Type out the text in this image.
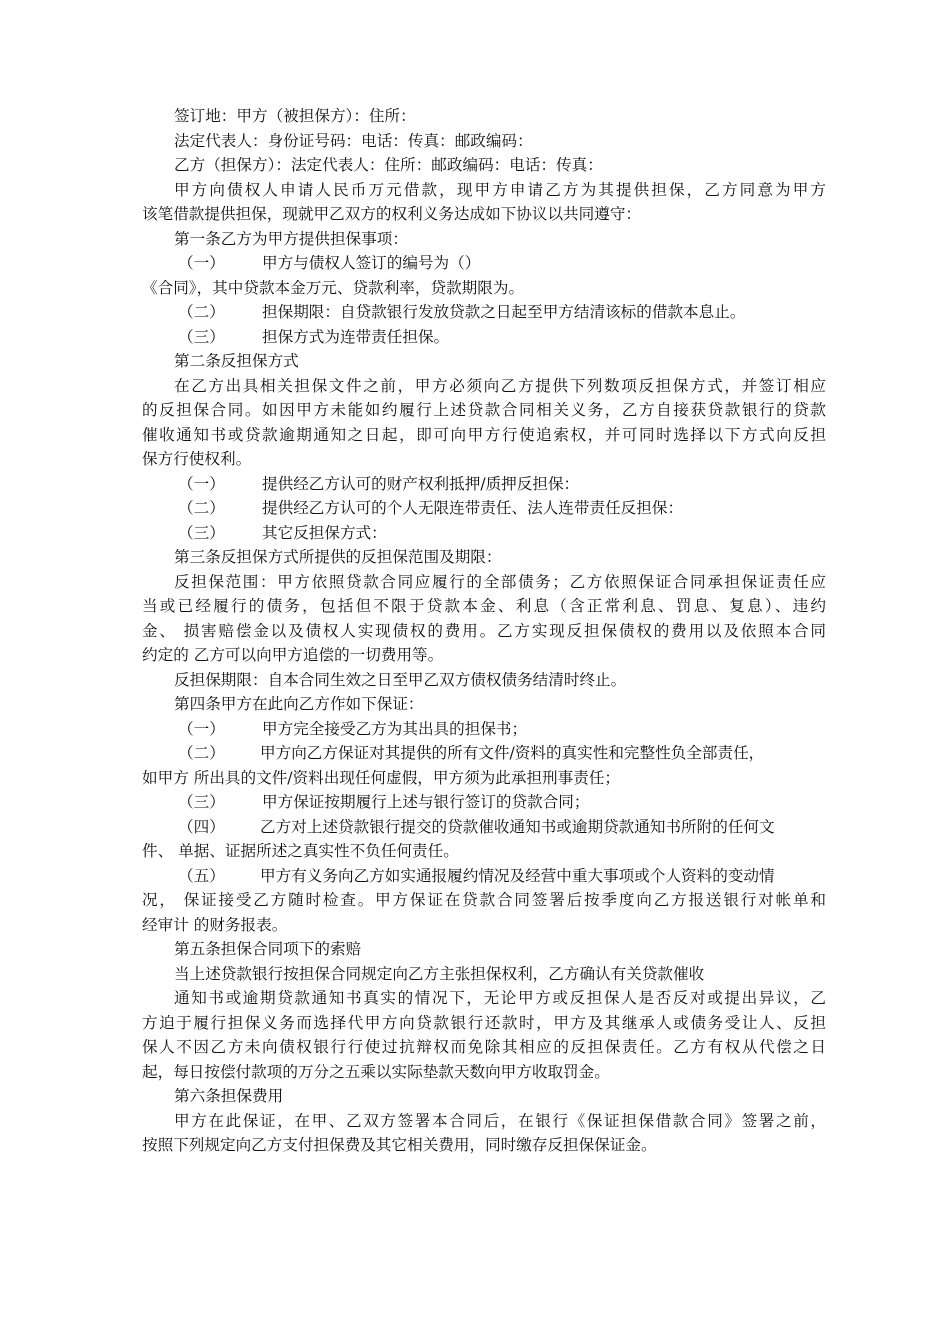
签订地：甲方（被担保方）：住所：
法定代表人：身份证号码：电话：传真：邮政编码：
乙方（担保方）：法定代表人：住所：邮政编码：电话：传真：
甲方向债权人申请人民币万元借款，现甲方申请乙方为其提供担保，乙方同意为甲方
该笔借款提供担保，现就甲乙双方的权利义务达成如下协议以共同遵守：
第一条乙方为甲方提供担保事项：
（一） 甲方与债权人签订的编号为（）
《合同》，其中贷款本金万元、贷款利率，贷款期限为。
（二） 担保期限：自贷款银行发放贷款之日起至甲方结清该标的借款本息止。
（三） 担保方式为连带责任担保。
第二条反担保方式
在乙方出具相关担保文件之前，甲方必须向乙方提供下列数项反担保方式，并签订相应
的反担保合同。如因甲方未能如约履行上述贷款合同相关义务，乙方自接获贷款银行的贷款
催收通知书或贷款逾期通知之日起，即可向甲方行使追索权，并可同时选择以下方式向反担
保方行使权利。
（一） 提供经乙方认可的财产权利抵押/质押反担保：
（二） 提供经乙方认可的个人无限连带责任、法人连带责任反担保：
（三） 其它反担保方式：
第三条反担保方式所提供的反担保范围及期限：
反担保范围：甲方依照贷款合同应履行的全部债务；乙方依照保证合同承担保证责任应
当或已经履行的债务，包括但不限于贷款本金、利息（含正常利息、罚息、复息）、违约
金、 损害赔偿金以及债权人实现债权的费用。乙方实现反担保债权的费用以及依照本合同
约定的 乙方可以向甲方追偿的一切费用等。
反担保期限：自本合同生效之日至甲乙双方债权债务结清时终止。
第四条甲方在此向乙方作如下保证：
（一） 甲方完全接受乙方为其出具的担保书；
（二） 甲方向乙方保证对其提供的所有文件/资料的真实性和完整性负全部责任，
如甲方 所出具的文件/资料出现任何虚假，甲方须为此承担刑事责任；
（三） 甲方保证按期履行上述与银行签订的贷款合同；
（四） 乙方对上述贷款银行提交的贷款催收通知书或逾期贷款通知书所附的任何文
件、 单据、证据所述之真实性不负任何责任。
（五） 甲方有义务向乙方如实通报履约情况及经营中重大事项或个人资料的变动情
况， 保证接受乙方随时检查。甲方保证在贷款合同签署后按季度向乙方报送银行对帐单和
经审计 的财务报表。
第五条担保合同项下的索赔
当上述贷款银行按担保合同规定向乙方主张担保权利，乙方确认有关贷款催收
通知书或逾期贷款通知书真实的情况下，无论甲方或反担保人是否反对或提出异议，乙
方迫于履行担保义务而选择代甲方向贷款银行还款时，甲方及其继承人或债务受让人、反担
保人不因乙方未向债权银行行使过抗辩权而免除其相应的反担保责任。乙方有权从代偿之日
起，每日按偿付款项的万分之五乘以实际垫款天数向甲方收取罚金。
第六条担保费用
甲方在此保证，在甲、乙双方签署本合同后，在银行《保证担保借款合同》签署之前，
按照下列规定向乙方支付担保费及其它相关费用，同时缴存反担保保证金。
